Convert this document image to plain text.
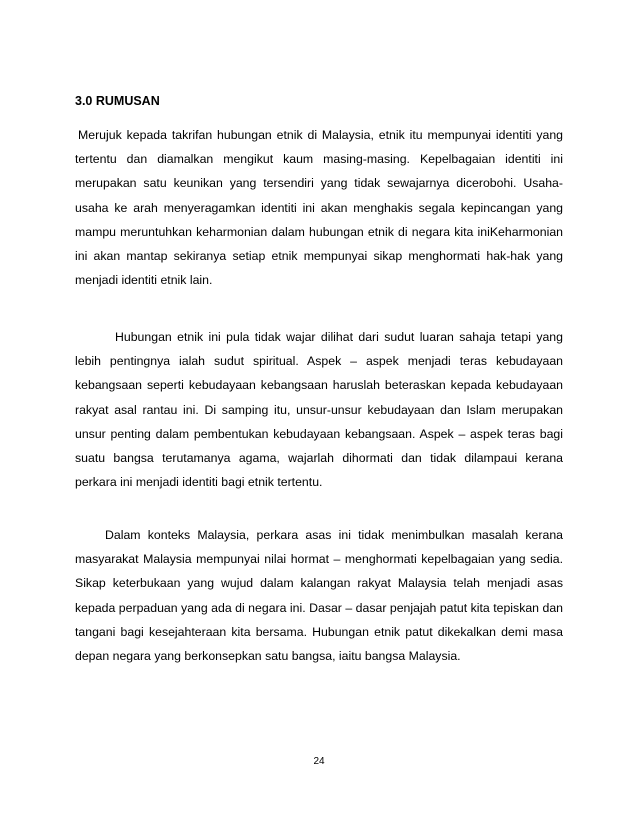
3.0 RUMUSAN

Merujuk kepada takrifan hubungan etnik di Malaysia, etnik itu mempunyai identiti yang tertentu dan diamalkan mengikut kaum masing-masing. Kepelbagaian identiti ini merupakan satu keunikan yang tersendiri yang tidak sewajarnya dicerobohi. Usaha-usaha ke arah menyeragamkan identiti ini akan menghakis segala kepincangan yang mampu meruntuhkan keharmonian dalam hubungan etnik di negara kita iniKeharmonian ini akan mantap sekiranya setiap etnik mempunyai sikap menghormati hak-hak yang menjadi identiti etnik lain.

Hubungan etnik ini pula tidak wajar dilihat dari sudut luaran sahaja tetapi yang lebih pentingnya ialah sudut spiritual. Aspek – aspek menjadi teras kebudayaan kebangsaan seperti kebudayaan kebangsaan haruslah beteraskan kepada kebudayaan rakyat asal rantau ini. Di samping itu, unsur-unsur kebudayaan dan Islam merupakan unsur penting dalam pembentukan kebudayaan kebangsaan. Aspek – aspek teras bagi suatu bangsa terutamanya agama, wajarlah dihormati dan tidak dilampaui kerana perkara ini menjadi identiti bagi etnik tertentu.

Dalam konteks Malaysia, perkara asas ini tidak menimbulkan masalah kerana masyarakat Malaysia mempunyai nilai hormat – menghormati kepelbagaian yang sedia. Sikap keterbukaan yang wujud dalam kalangan rakyat Malaysia telah menjadi asas kepada perpaduan yang ada di negara ini. Dasar – dasar penjajah patut kita tepiskan dan tangani bagi kesejahteraan kita bersama. Hubungan etnik patut dikekalkan demi masa depan negara yang berkonsepkan satu bangsa, iaitu bangsa Malaysia.

24
